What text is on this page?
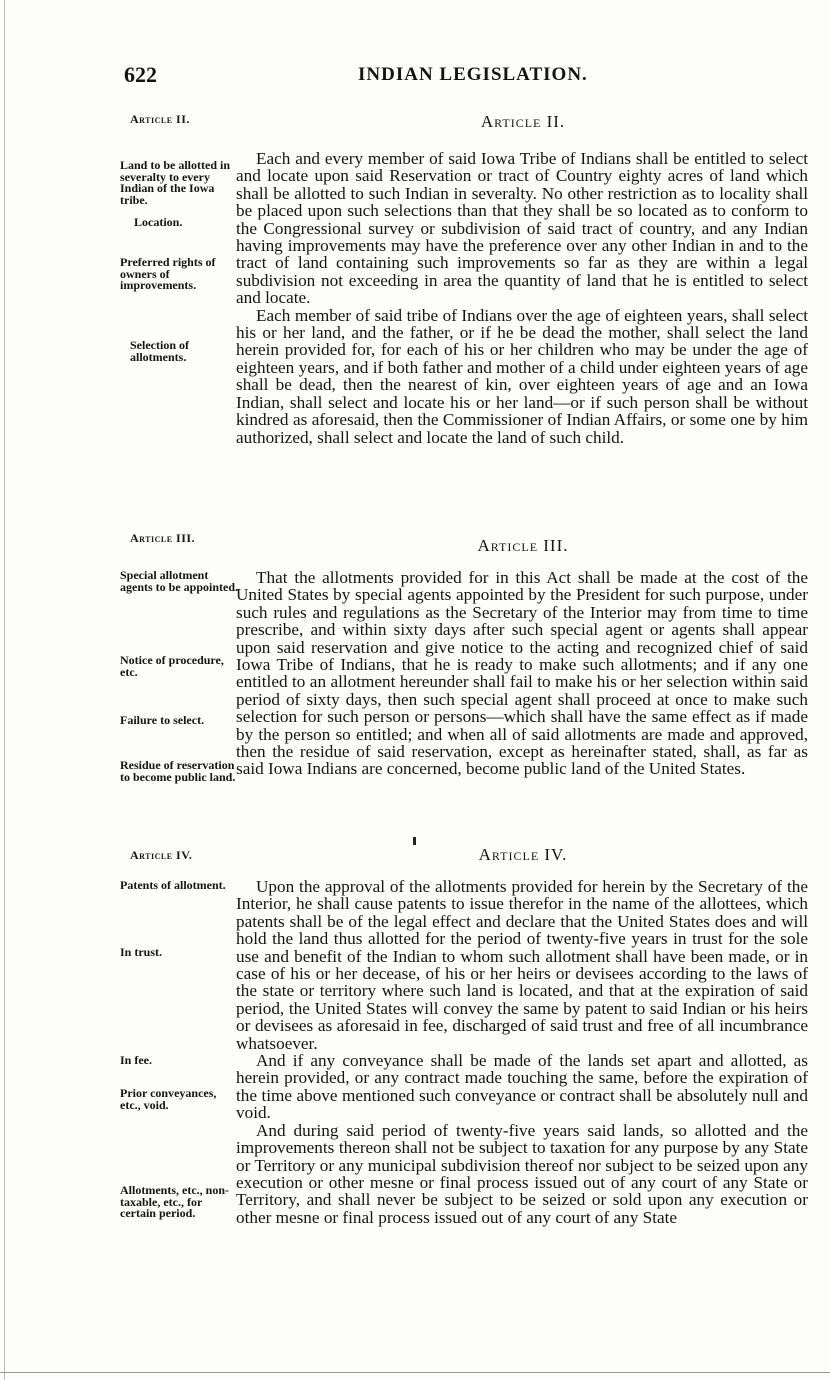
622	INDIAN LEGISLATION.
Article II.	Article II.
Land to be allotted in severalty to every Indian of the Iowa tribe.
Location.
Preferred rights of owners of improvements.
Selection of allotments.

Each and every member of said Iowa Tribe of Indians shall be entitled to select and locate upon said Reservation or tract of Country eighty acres of land which shall be allotted to such Indian in severalty. No other restriction as to locality shall be placed upon such selections than that they shall be so located as to conform to the Congressional survey or subdivision of said tract of country, and any Indian having improvements may have the preference over any other Indian in and to the tract of land containing such improvements so far as they are within a legal subdivision not exceeding in area the quantity of land that he is entitled to select and locate.

Each member of said tribe of Indians over the age of eighteen years, shall select his or her land, and the father, or if he be dead the mother, shall select the land herein provided for, for each of his or her children who may be under the age of eighteen years, and if both father and mother of a child under eighteen years of age shall be dead, then the nearest of kin, over eighteen years of age and an Iowa Indian, shall select and locate his or her land—or if such person shall be without kindred as aforesaid, then the Commissioner of Indian Affairs, or some one by him authorized, shall select and locate the land of such child.

Article III.	Article III.
Special allotment agents to be appointed.
Notice of procedure, etc.
Failure to select.
Residue of reservation to become public land.

That the allotments provided for in this Act shall be made at the cost of the United States by special agents appointed by the President for such purpose, under such rules and regulations as the Secretary of the Interior may from time to time prescribe, and within sixty days after such special agent or agents shall appear upon said reservation and give notice to the acting and recognized chief of said Iowa Tribe of Indians, that he is ready to make such allotments; and if any one entitled to an allotment hereunder shall fail to make his or her selection within said period of sixty days, then such special agent shall proceed at once to make such selection for such person or persons—which shall have the same effect as if made by the person so entitled; and when all of said allotments are made and approved, then the residue of said reservation, except as hereinafter stated, shall, as far as said Iowa Indians are concerned, become public land of the United States.

Article IV.	Article IV.
Patents of allotment.
In trust.
In fee.
Prior conveyances, etc., void.
Allotments, etc., non-taxable, etc., for certain period.

Upon the approval of the allotments provided for herein by the Secretary of the Interior, he shall cause patents to issue therefor in the name of the allottees, which patents shall be of the legal effect and declare that the United States does and will hold the land thus allotted for the period of twenty-five years in trust for the sole use and benefit of the Indian to whom such allotment shall have been made, or in case of his or her decease, of his or her heirs or devisees according to the laws of the state or territory where such land is located, and that at the expiration of said period, the United States will convey the same by patent to said Indian or his heirs or devisees as aforesaid in fee, discharged of said trust and free of all incumbrance whatsoever.

And if any conveyance shall be made of the lands set apart and allotted, as herein provided, or any contract made touching the same, before the expiration of the time above mentioned such conveyance or contract shall be absolutely null and void.

And during said period of twenty-five years said lands, so allotted and the improvements thereon shall not be subject to taxation for any purpose by any State or Territory or any municipal subdivision thereof nor subject to be seized upon any execution or other mesne or final process issued out of any court of any State or Territory, and shall never be subject to be seized or sold upon any execution or other mesne or final process issued out of any court of any State
